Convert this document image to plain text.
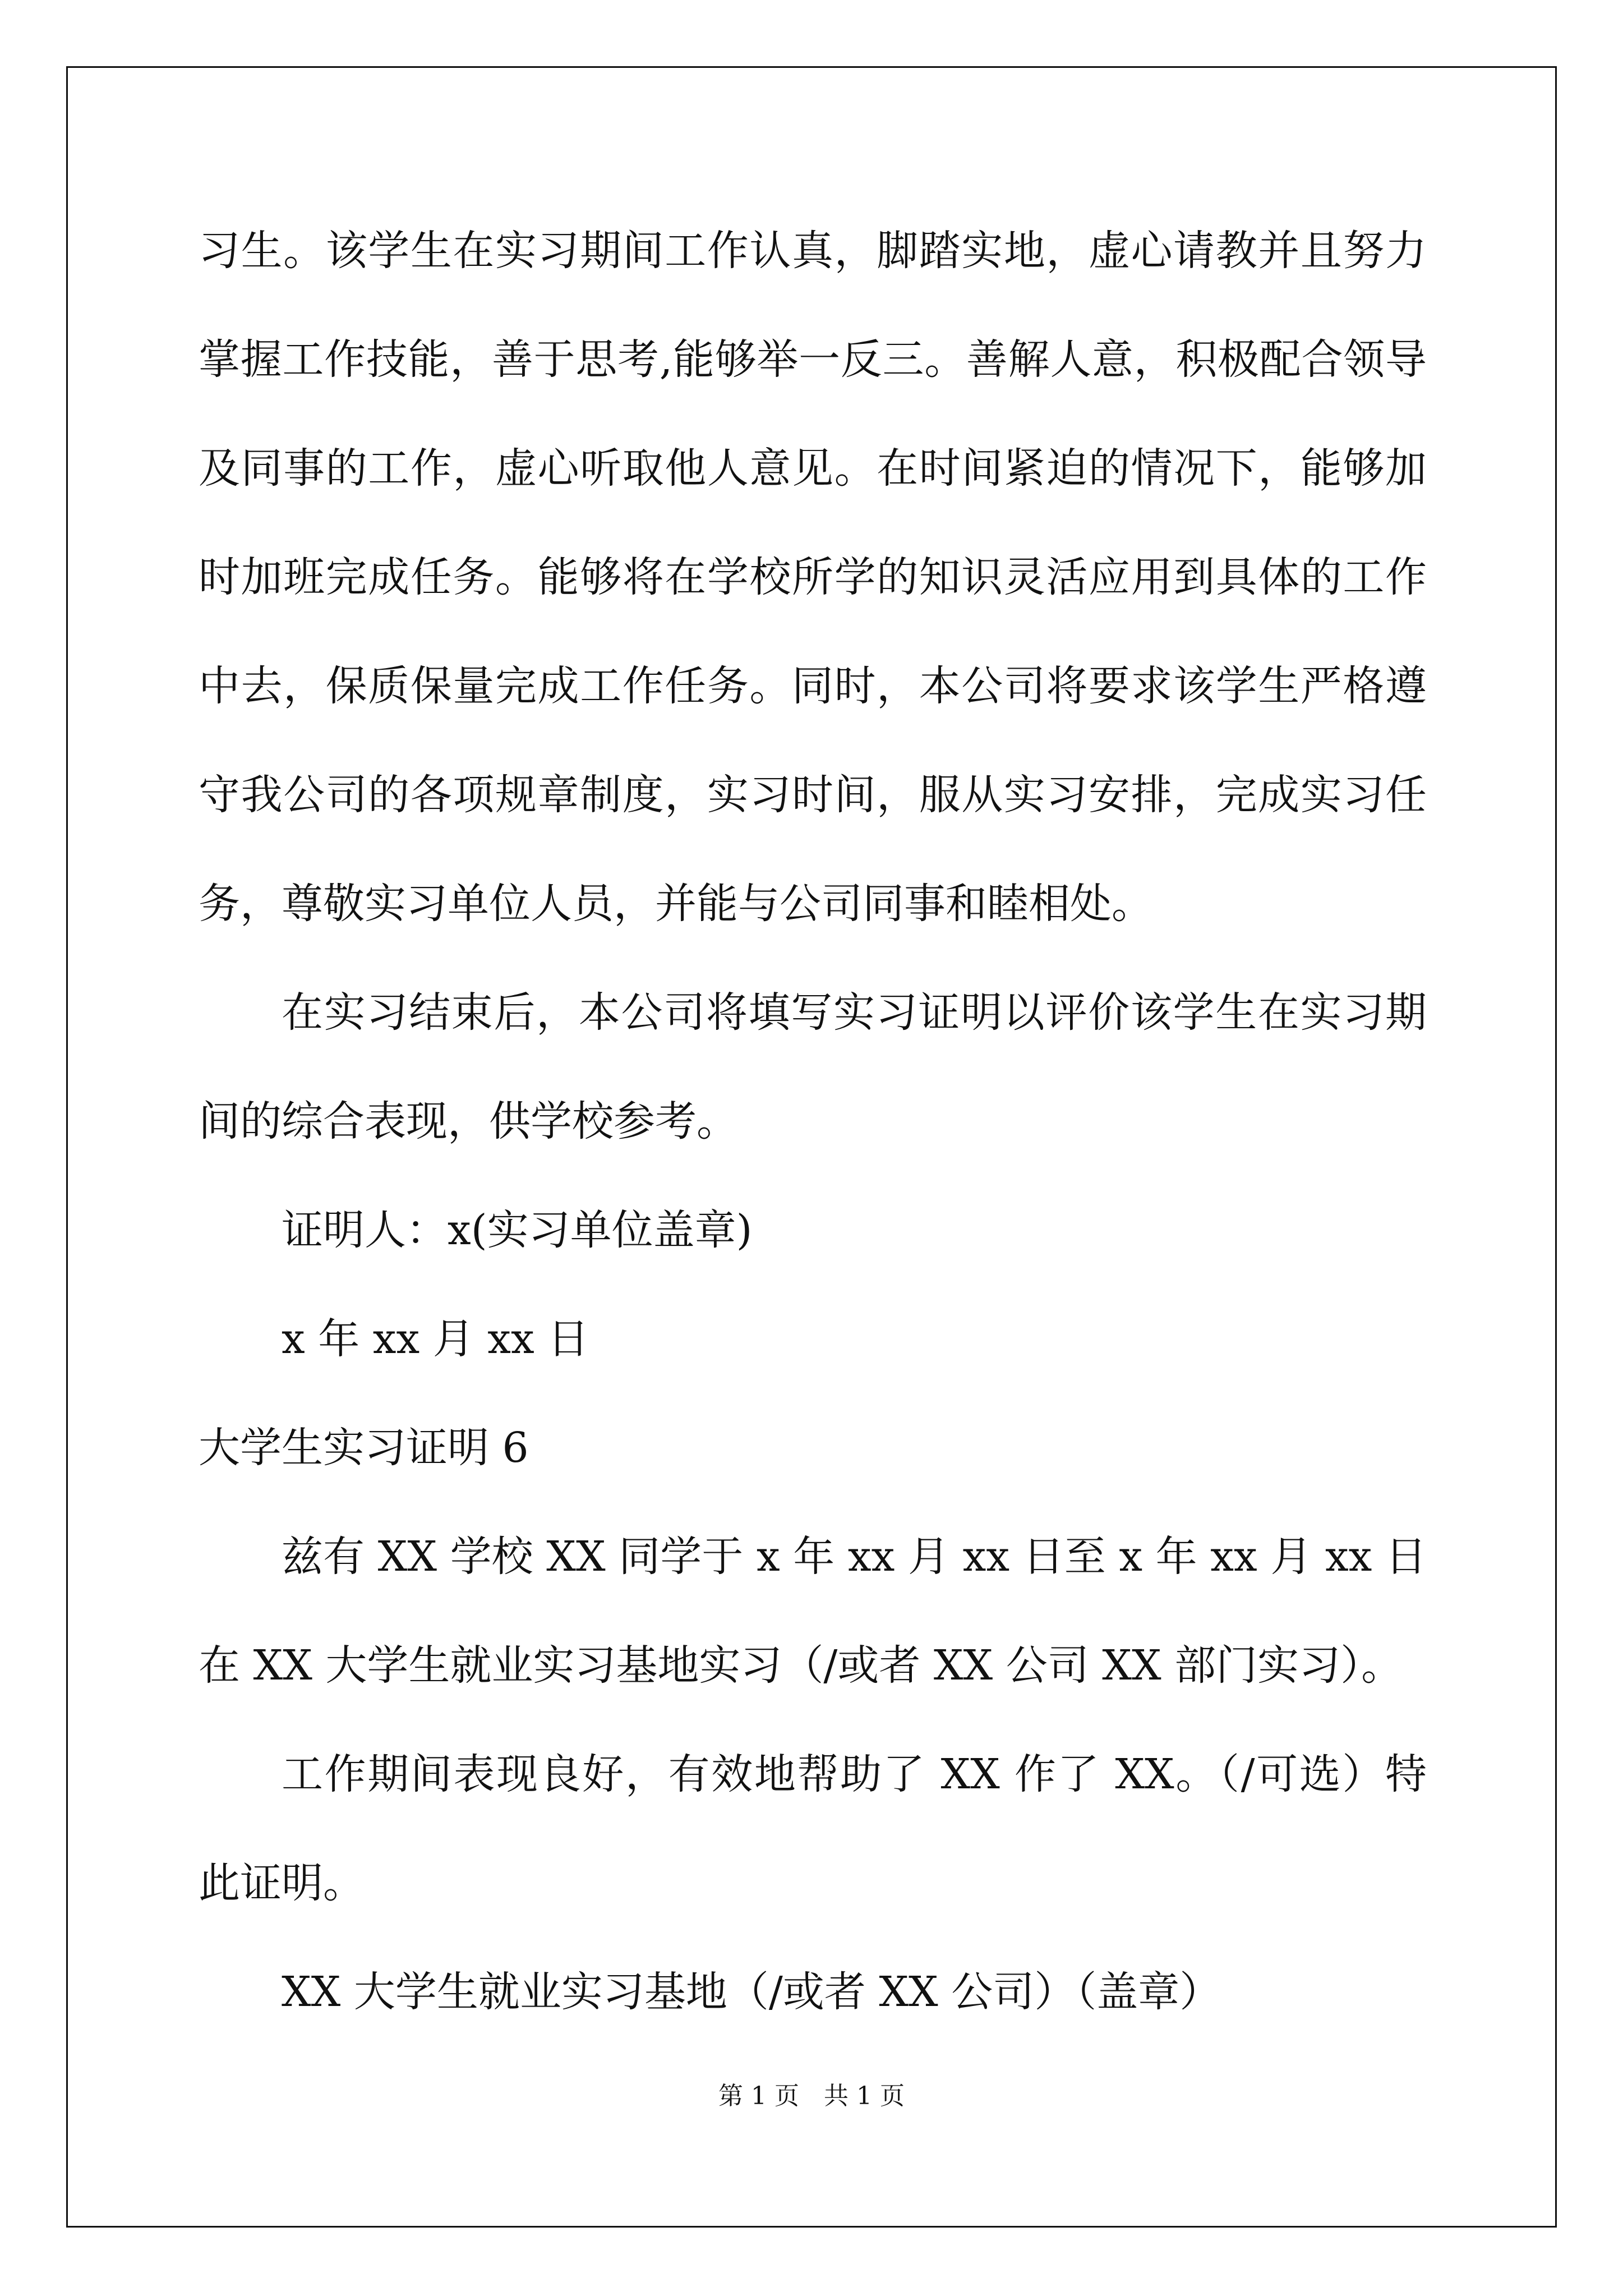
习生。该学生在实习期间工作认真，脚踏实地，虚心请教并且努力掌握工作技能，善于思考,能够举一反三。善解人意，积极配合领导及同事的工作，虚心听取他人意见。在时间紧迫的情况下，能够加时加班完成任务。能够将在学校所学的知识灵活应用到具体的工作中去，保质保量完成工作任务。同时，本公司将要求该学生严格遵守我公司的各项规章制度，实习时间，服从实习安排，完成实习任务，尊敬实习单位人员，并能与公司同事和睦相处。

在实习结束后，本公司将填写实习证明以评价该学生在实习期间的综合表现，供学校参考。

证明人：x(实习单位盖章)

x 年 xx 月 xx 日

大学生实习证明 6

兹有 XX 学校 XX 同学于 x 年 xx 月 xx 日至 x 年 xx 月 xx 日在 XX 大学生就业实习基地实习（/或者 XX 公司 XX 部门实习）。

工作期间表现良好，有效地帮助了 XX 作了 XX。（/可选）特此证明。

XX 大学生就业实习基地（/或者 XX 公司）（盖章）

第 1 页　共 1 页
